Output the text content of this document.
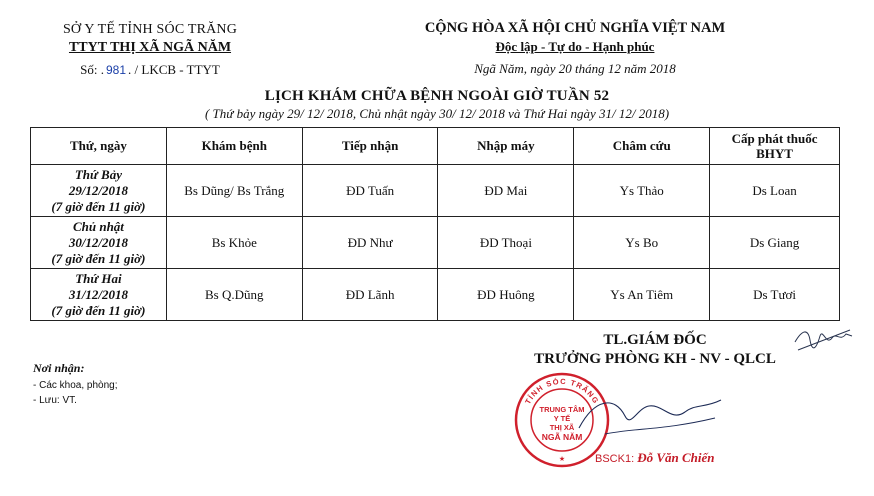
SỞ Y TẾ TỈNH SÓC TRĂNG
TTYT THỊ XÃ NGÃ NĂM
Số: . 981 . / LKCB - TTYT
CỘNG HÒA XÃ HỘI CHỦ NGHĨA VIỆT NAM
Độc lập - Tự do - Hạnh phúc
Ngã Năm, ngày 20 tháng 12 năm 2018
LỊCH KHÁM CHỮA BỆNH NGOÀI GIỜ TUẦN 52
( Thứ bảy ngày 29/ 12/ 2018, Chủ nhật ngày 30/ 12/ 2018 và Thứ Hai ngày 31/ 12/ 2018)
Thứ, ngày	Khám bệnh	Tiếp nhận	Nhập máy	Châm cứu	Cấp phát thuốc BHYT

Thứ Bảy
29/12/2018
(7 giờ đến 11 giờ)	Bs Dũng/ Bs Trắng	ĐD Tuấn	ĐD Mai	Ys Thảo	Ds Loan

Chủ nhật
30/12/2018
(7 giờ đến 11 giờ)	Bs Khỏe	ĐD Như	ĐD Thoại	Ys Bo	Ds Giang

Thứ Hai
31/12/2018
(7 giờ đến 11 giờ)	Bs Q.Dũng	ĐD Lãnh	ĐD Huông	Ys An Tiêm	Ds Tươi
TL.GIÁM ĐỐC
TRƯỞNG PHÒNG KH - NV - QLCL
Nơi nhận:
- Các khoa, phòng;
- Lưu: VT.	TỈNH SÓC TRĂNG
TRUNG TÂM
Y TẾ
THỊ XÃ
NGÃ NĂM
★	BSCK1: Đỗ Văn Chiến
